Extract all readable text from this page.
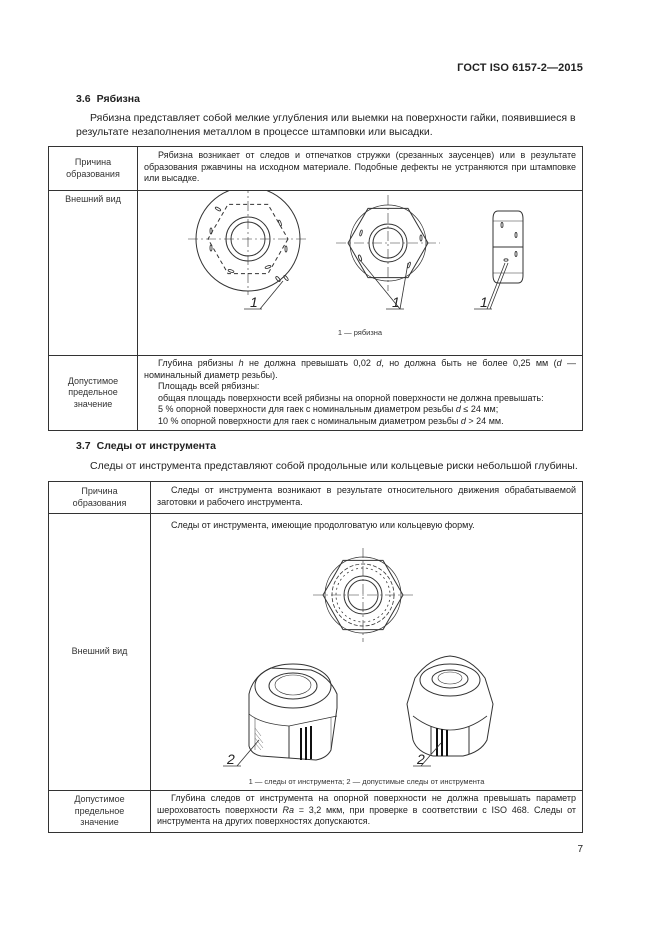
ГОСТ ISO 6157-2—2015
3.6 Рябизна
Рябизна представляет собой мелкие углубления или выемки на поверхности гайки, появившиеся в результате незаполнения металлом в процессе штамповки или высадки.
Причина образования	Рябизна возникает от следов и отпечатков стружки (срезанных заусенцев) или в результате образования ржавчины на исходном материале. Подобные дефекты не устраняются при штамповке или высадке.

Внешний вид	1 1 1
1 — рябизна

Допустимое предельное значение	Глубина рябизны h не должна превышать 0,02 d, но должна быть не более 0,25 мм (d — номинальный диаметр резьбы).
Площадь всей рябизны:
общая площадь поверхности всей рябизны на опорной поверхности не должна превышать:
5 % опорной поверхности для гаек с номинальным диаметром резьбы d ≤ 24 мм;
10 % опорной поверхности для гаек с номинальным диаметром резьбы d > 24 мм.
3.7 Следы от инструмента
Следы от инструмента представляют собой продольные или кольцевые риски небольшой глубины.
Причина образования	Следы от инструмента возникают в результате относительного движения обрабатываемой заготовки и рабочего инструмента.

Внешний вид	Следы от инструмента, имеющие продолговатую или кольцевую форму.
2 2
1 — следы от инструмента; 2 — допустимые следы от инструмента

Допустимое предельное значение	Глубина следов от инструмента на опорной поверхности не должна превышать параметр шероховатость поверхности Ra = 3,2 мкм, при проверке в соответствии с ISO 468. Следы от инструмента на других поверхностях допускаются.
7
